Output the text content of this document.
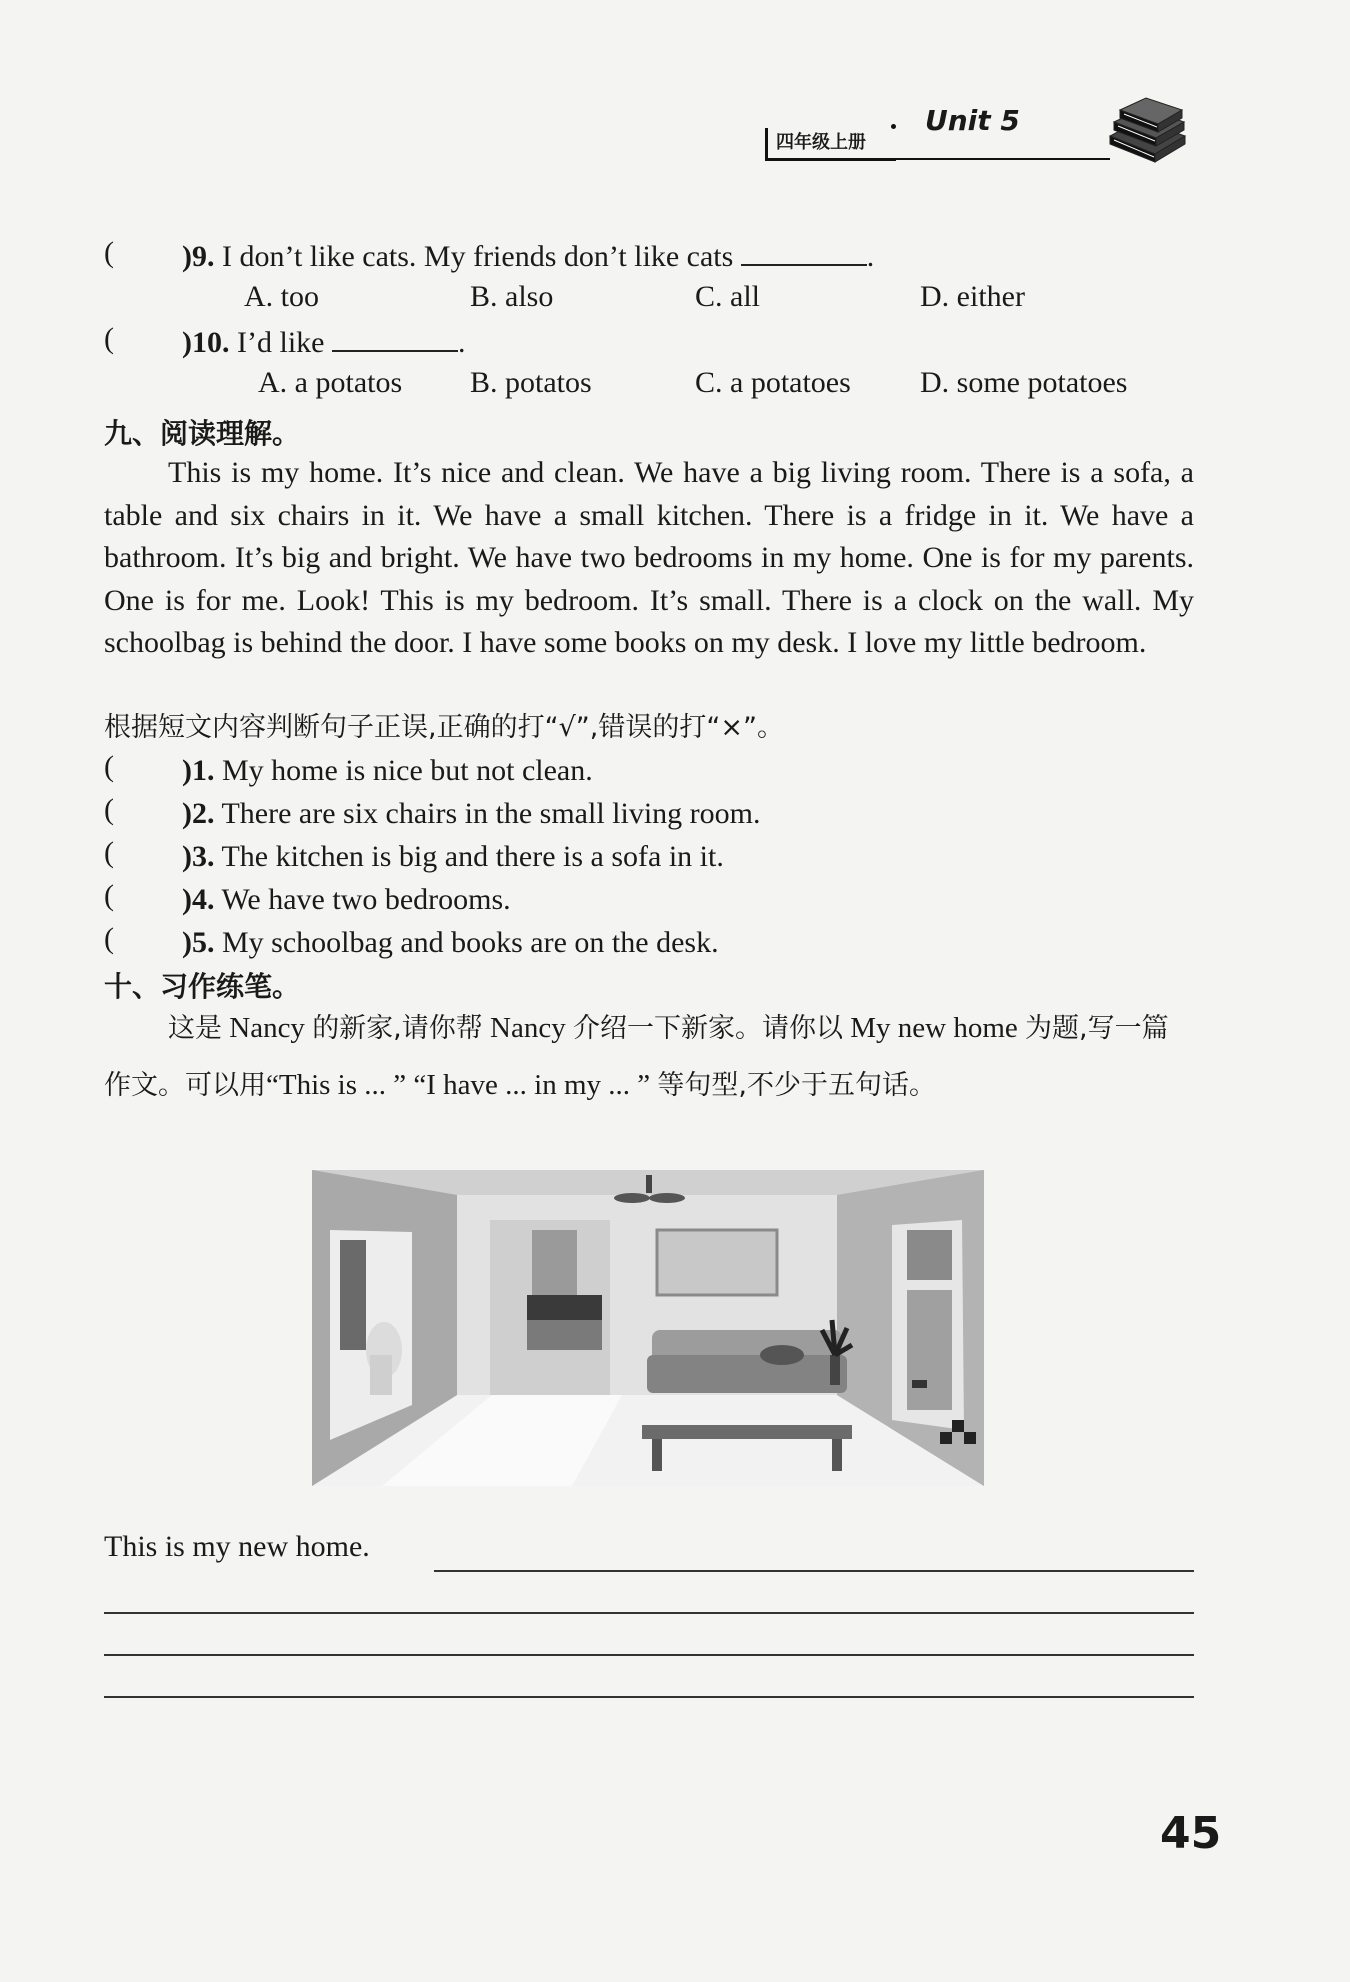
四年级上册
Unit 5
( )9. I don’t like cats. My friends don’t like cats	.
A. too	B. also	C. all	D. either
( )10. I’d like	.
A. a potatos B. potatos	C. a potatoes D. some potatoes
九、阅读理解。
This is my home. It’s nice and clean. We have a big living room. There is a sofa, a table and six chairs in it. We have a small kitchen. There is a fridge in it. We have a bathroom. It’s big and bright. We have two bedrooms in my home. One is for my parents. One is for me. Look! This is my bedroom. It’s small. There is a clock on the wall. My schoolbag is behind the door. I have some books on my desk. I love my little bedroom.
根据短文内容判断句子正误,正确的打“√”,错误的打“×”。
( )1. My home is nice but not clean.
( )2. There are six chairs in the small living room.
( )3. The kitchen is big and there is a sofa in it.
( )4. We have two bedrooms.
( )5. My schoolbag and books are on the desk.
十、习作练笔。
这是 Nancy 的新家,请你帮 Nancy 介绍一下新家。请你以 My new home 为题,写一篇作文。可以用“This is ... ” “I have ... in my ... ” 等句型,不少于五句话。
This is my new home.
45
